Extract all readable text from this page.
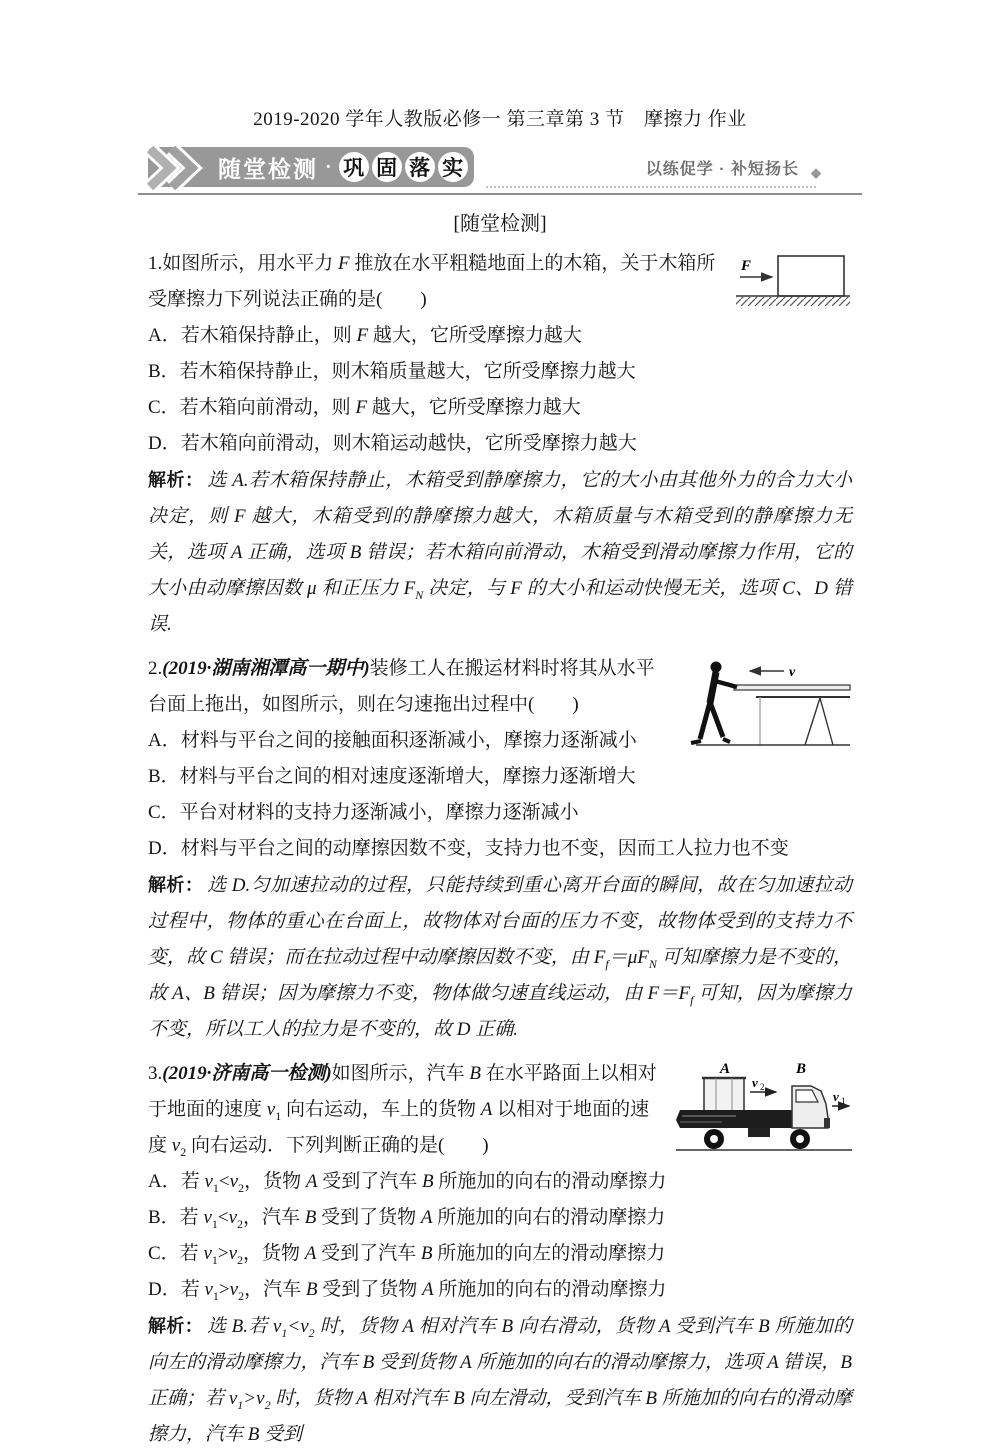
2019-2020 学年人教版必修一 第三章第 3 节　摩擦力 作业
随堂检测 · 巩 固 落 实	以练促学 · 补短扬长 ◆
[随堂检测]
F

1.如图所示，用水平力 F 推放在水平粗糙地面上的木箱，关于木箱所受摩擦力下列说法正确的是(　　)

A．若木箱保持静止，则 F 越大，它所受摩擦力越大

B．若木箱保持静止，则木箱质量越大，它所受摩擦力越大

C．若木箱向前滑动，则 F 越大，它所受摩擦力越大

D．若木箱向前滑动，则木箱运动越快，它所受摩擦力越大

解析： 选 A.若木箱保持静止，木箱受到静摩擦力，它的大小由其他外力的合力大小决定，则 F 越大，木箱受到的静摩擦力越大，木箱质量与木箱受到的静摩擦力无关，选项 A 正确，选项 B 错误；若木箱向前滑动，木箱受到滑动摩擦力作用，它的大小由动摩擦因数 μ 和正压力 $F_N$ 决定，与 F 的大小和运动快慢无关，选项 C、D 错误.

v

2.(2019·湖南湘潭高一期中)装修工人在搬运材料时将其从水平台面上拖出，如图所示，则在匀速拖出过程中(　　)

A．材料与平台之间的接触面积逐渐减小，摩擦力逐渐减小

B．材料与平台之间的相对速度逐渐增大，摩擦力逐渐增大

C．平台对材料的支持力逐渐减小，摩擦力逐渐减小

D．材料与平台之间的动摩擦因数不变，支持力也不变，因而工人拉力也不变

解析： 选 D.匀加速拉动的过程，只能持续到重心离开台面的瞬间，故在匀加速拉动过程中，物体的重心在台面上，故物体对台面的压力不变，故物体受到的支持力不变，故 C 错误；而在拉动过程中动摩擦因数不变，由 $F_f=\mu F_N$ 可知摩擦力是不变的，故 A、B 错误；因为摩擦力不变，物体做匀速直线运动，由 $F=F_f$ 可知，因为摩擦力不变，所以工人的拉力是不变的，故 D 正确.

A	B
v 2
v 1

3.(2019·济南高一检测)如图所示，汽车 B 在水平路面上以相对于地面的速度 $v_1$ 向右运动，车上的货物 A 以相对于地面的速度 $v_2$ 向右运动．下列判断正确的是(　　)

A．若 $v_1<v_2$，货物 A 受到了汽车 B 所施加的向右的滑动摩擦力

B．若 $v_1<v_2$，汽车 B 受到了货物 A 所施加的向右的滑动摩擦力

C．若 $v_1>v_2$，货物 A 受到了汽车 B 所施加的向左的滑动摩擦力

D．若 $v_1>v_2$，汽车 B 受到了货物 A 所施加的向右的滑动摩擦力

解析： 选 B.若 $v_1<v_2$ 时，货物 A 相对汽车 B 向右滑动，货物 A 受到汽车 B 所施加的向左的滑动摩擦力，汽车 B 受到货物 A 所施加的向右的滑动摩擦力，选项 A 错误，B 正确；若 $v_1>v_2$ 时，货物 A 相对汽车 B 向左滑动，受到汽车 B 所施加的向右的滑动摩擦力，汽车 B 受到
